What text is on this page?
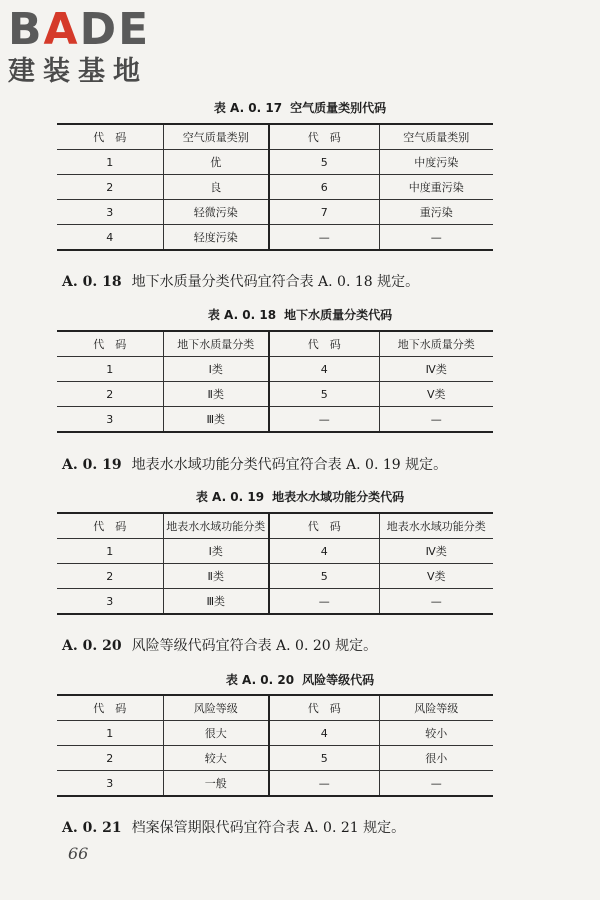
BADE
建装基地
表 A. 0. 17 空气质量类别代码
代　码	空气质量类别	代　码	空气质量类别
1	优	5	中度污染
2	良	6	中度重污染
3	轻微污染	7	重污染
4	轻度污染	—	—
A. 0. 18 地下水质量分类代码宜符合表 A. 0. 18 规定。
表 A. 0. 18 地下水质量分类代码
代　码	地下水质量分类	代　码	地下水质量分类
1	Ⅰ类	4	Ⅳ类
2	Ⅱ类	5	Ⅴ类
3	Ⅲ类	—	—
A. 0. 19 地表水水域功能分类代码宜符合表 A. 0. 19 规定。
表 A. 0. 19 地表水水域功能分类代码
代　码	地表水水域功能分类	代　码	地表水水域功能分类
1	Ⅰ类	4	Ⅳ类
2	Ⅱ类	5	Ⅴ类
3	Ⅲ类	—	—
A. 0. 20 风险等级代码宜符合表 A. 0. 20 规定。
表 A. 0. 20 风险等级代码
代　码	风险等级	代　码	风险等级
1	很大	4	较小
2	较大	5	很小
3	一般	—	—
A. 0. 21 档案保管期限代码宜符合表 A. 0. 21 规定。
66
